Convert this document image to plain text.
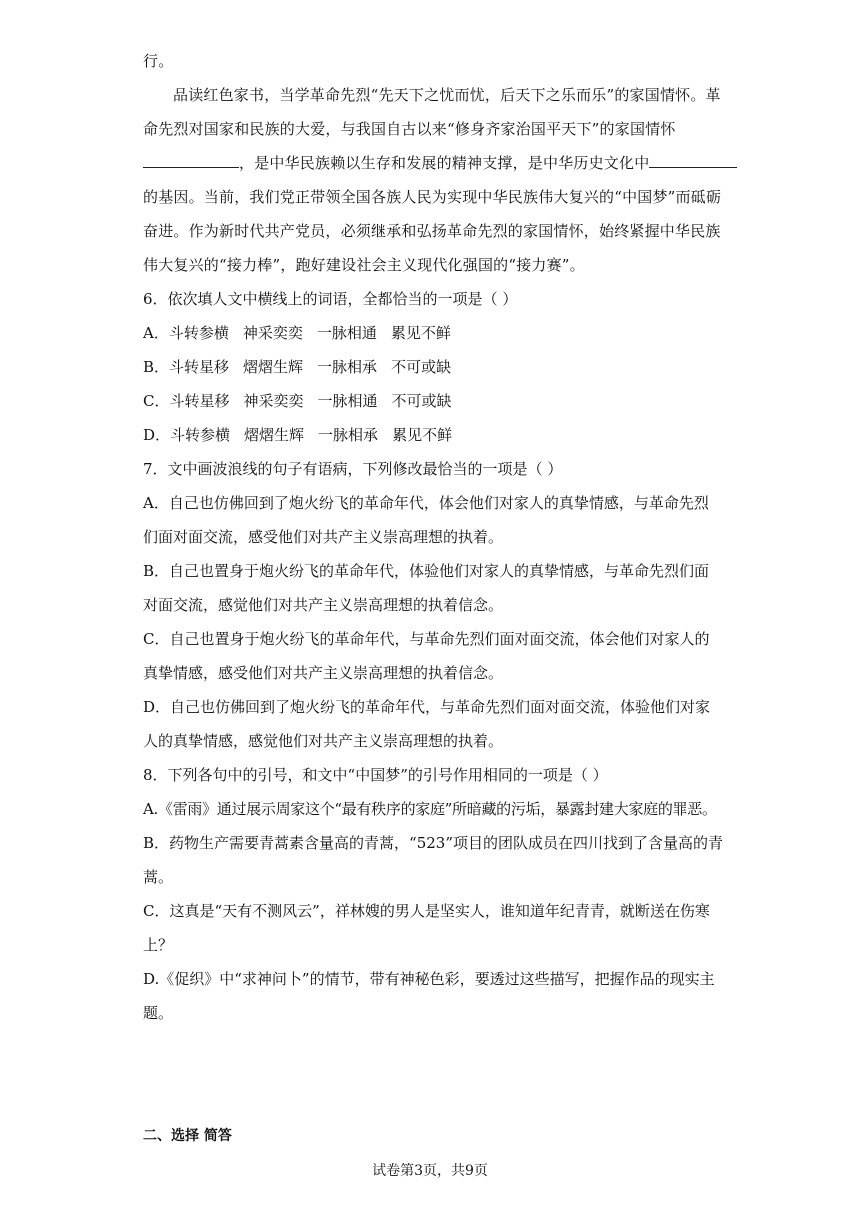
行。
品读红色家书，当学革命先烈“先天下之忧而忧，后天下之乐而乐”的家国情怀。革
命先烈对国家和民族的大爱，与我国自古以来“修身齐家治国平天下”的家国情怀
，是中华民族赖以生存和发展的精神支撑，是中华历史文化中
的基因。当前，我们党正带领全国各族人民为实现中华民族伟大复兴的“中国梦”而砥砺
奋进。作为新时代共产党员，必须继承和弘扬革命先烈的家国情怀，始终紧握中华民族
伟大复兴的“接力棒”，跑好建设社会主义现代化强国的“接力赛”。
6．依次填人文中横线上的词语，全都恰当的一项是（ ）
A．斗转参横 神采奕奕 一脉相通 累见不鲜
B．斗转星移 熠熠生辉 一脉相承 不可或缺
C．斗转星移 神采奕奕 一脉相通 不可或缺
D．斗转参横 熠熠生辉 一脉相承 累见不鲜
7．文中画波浪线的句子有语病，下列修改最恰当的一项是（ ）
A．自己也仿佛回到了炮火纷飞的革命年代，体会他们对家人的真挚情感，与革命先烈
们面对面交流，感受他们对共产主义崇高理想的执着。
B．自己也置身于炮火纷飞的革命年代，体验他们对家人的真挚情感，与革命先烈们面
对面交流，感觉他们对共产主义崇高理想的执着信念。
C．自己也置身于炮火纷飞的革命年代，与革命先烈们面对面交流，体会他们对家人的
真挚情感，感受他们对共产主义崇高理想的执着信念。
D．自己也仿佛回到了炮火纷飞的革命年代，与革命先烈们面对面交流，体验他们对家
人的真挚情感，感觉他们对共产主义崇高理想的执着。
8．下列各句中的引号，和文中“中国梦”的引号作用相同的一项是（ ）
A.《雷雨》通过展示周家这个“最有秩序的家庭”所暗藏的污垢，暴露封建大家庭的罪恶。
B．药物生产需要青蒿素含量高的青蒿，“523”项目的团队成员在四川找到了含量高的青
蒿。
C．这真是“天有不测风云”，祥林嫂的男人是坚实人，谁知道年纪青青，就断送在伤寒
上？
D.《促织》中“求神问卜”的情节，带有神秘色彩，要透过这些描写，把握作品的现实主
题。
二、选择 简答
试卷第3页，共9页
